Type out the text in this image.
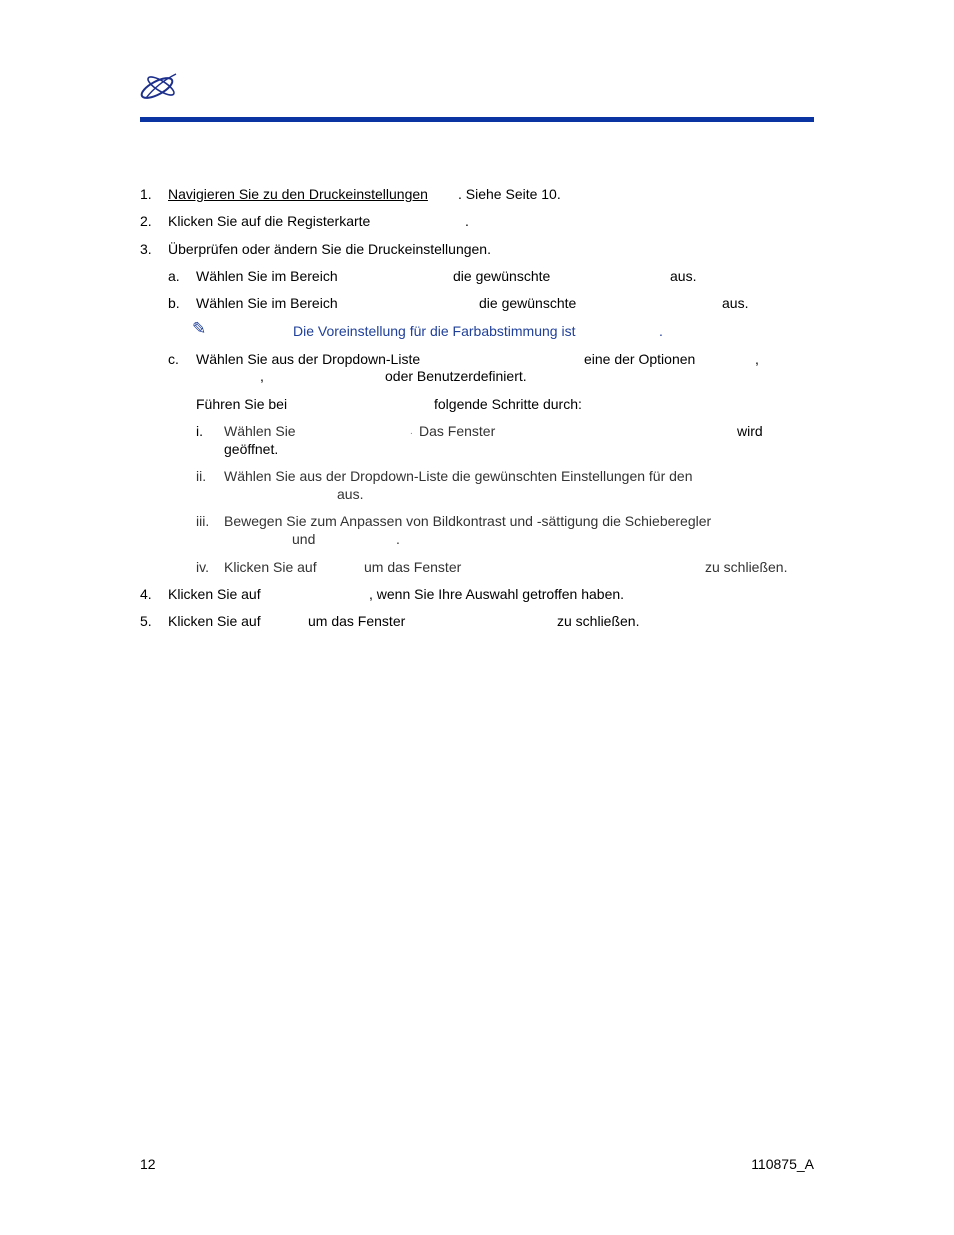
1. Navigieren Sie zu den Druckeinstellungen . Siehe Seite 10.
2. Klicken Sie auf die Registerkarte	.
3. Überprüfen oder ändern Sie die Druckeinstellungen.
a. Wählen Sie im Bereich	die gewünschte	aus.
b. Wählen Sie im Bereich	die gewünschte	aus.
✎	Die Voreinstellung für die Farbabstimmung ist	.
c. Wählen Sie aus der Dropdown-Liste	eine der Optionen	,
,	oder Benutzerdefiniert.
Führen Sie bei	folgende Schritte durch:
i. Wählen Sie	. Das Fenster	wird
geöffnet.
ii. Wählen Sie aus der Dropdown-Liste die gewünschten Einstellungen für den
aus.
iii. Bewegen Sie zum Anpassen von Bildkontrast und -sättigung die Schieberegler
und	.
iv. Klicken Sie auf	um das Fenster	zu schließen.
4. Klicken Sie auf	, wenn Sie Ihre Auswahl getroffen haben.
5. Klicken Sie auf	um das Fenster	zu schließen.
12	110875_A
